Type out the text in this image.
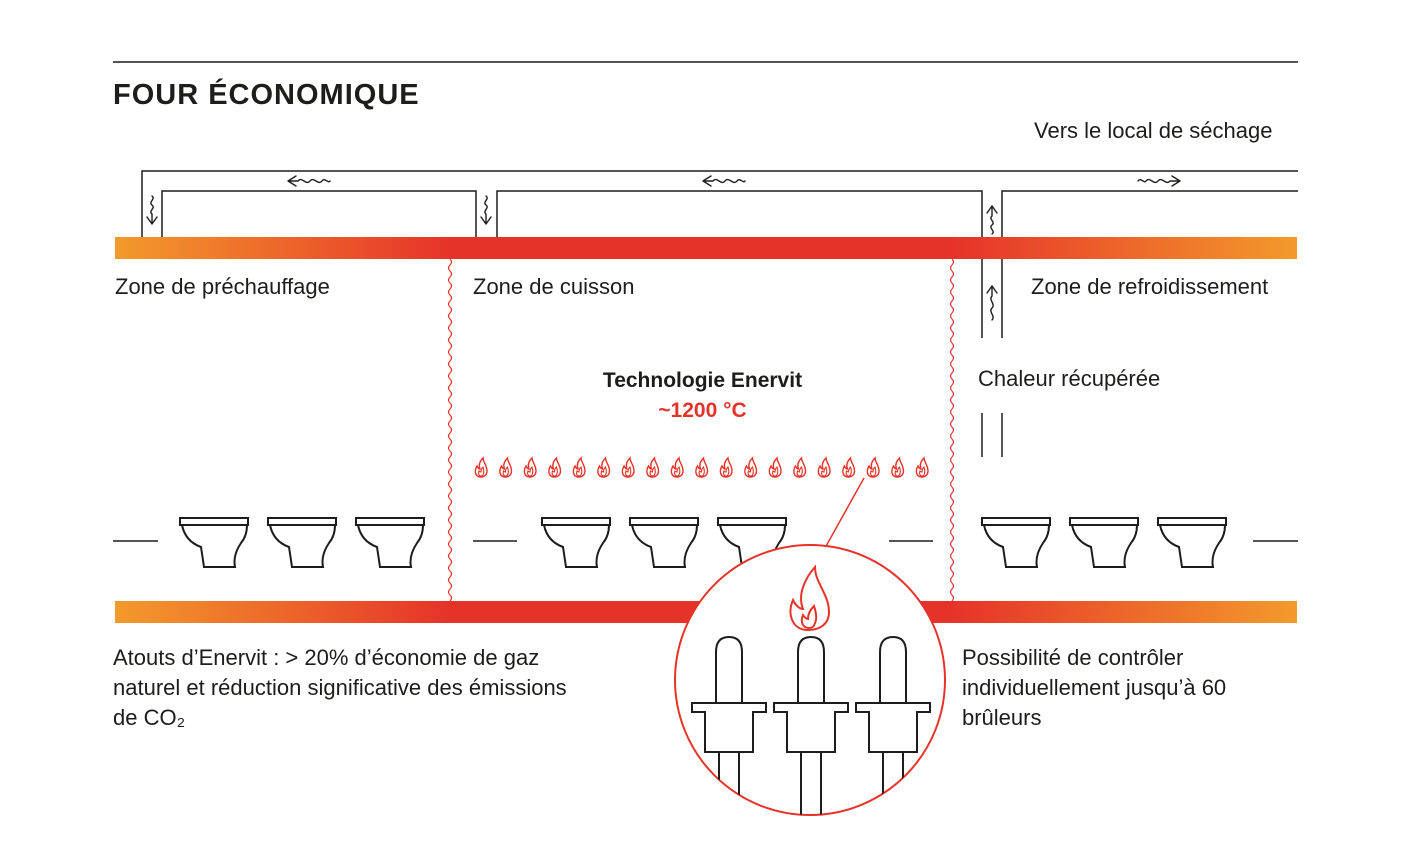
FOUR ÉCONOMIQUE
Vers le local de séchage
Zone de préchauffage	Zone de cuisson	Zone de refroidissement
Technologie Enervit
~1200 °C
Chaleur récupérée
Atouts d’Enervit : > 20% d’économie de gaz naturel et réduction significative des émissions de CO₂
Possibilité de contrôler individuellement jusqu’à 60 brûleurs
